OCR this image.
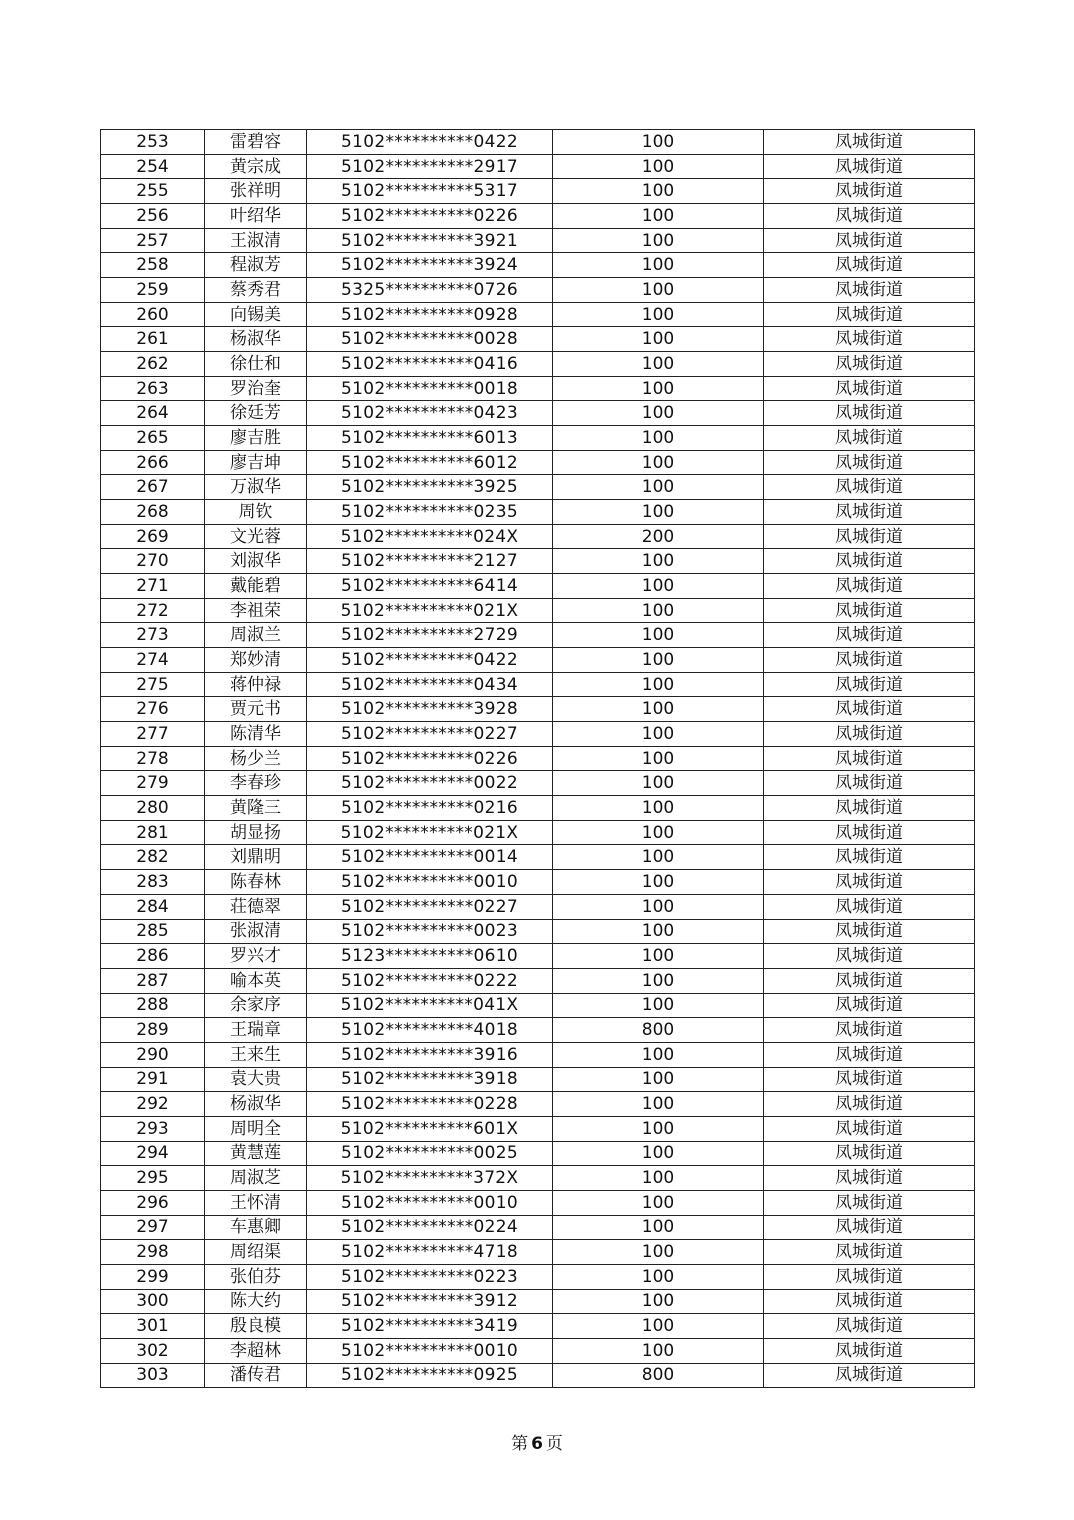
253	雷碧容	5102**********0422	100	凤城街道
254	黄宗成	5102**********2917	100	凤城街道
255	张祥明	5102**********5317	100	凤城街道
256	叶绍华	5102**********0226	100	凤城街道
257	王淑清	5102**********3921	100	凤城街道
258	程淑芳	5102**********3924	100	凤城街道
259	蔡秀君	5325**********0726	100	凤城街道
260	向锡美	5102**********0928	100	凤城街道
261	杨淑华	5102**********0028	100	凤城街道
262	徐仕和	5102**********0416	100	凤城街道
263	罗治奎	5102**********0018	100	凤城街道
264	徐廷芳	5102**********0423	100	凤城街道
265	廖吉胜	5102**********6013	100	凤城街道
266	廖吉坤	5102**********6012	100	凤城街道
267	万淑华	5102**********3925	100	凤城街道
268	周钦	5102**********0235	100	凤城街道
269	文光蓉	5102**********024X	200	凤城街道
270	刘淑华	5102**********2127	100	凤城街道
271	戴能碧	5102**********6414	100	凤城街道
272	李祖荣	5102**********021X	100	凤城街道
273	周淑兰	5102**********2729	100	凤城街道
274	郑妙清	5102**********0422	100	凤城街道
275	蒋仲禄	5102**********0434	100	凤城街道
276	贾元书	5102**********3928	100	凤城街道
277	陈清华	5102**********0227	100	凤城街道
278	杨少兰	5102**********0226	100	凤城街道
279	李春珍	5102**********0022	100	凤城街道
280	黄隆三	5102**********0216	100	凤城街道
281	胡显扬	5102**********021X	100	凤城街道
282	刘鼎明	5102**********0014	100	凤城街道
283	陈春林	5102**********0010	100	凤城街道
284	荘德翠	5102**********0227	100	凤城街道
285	张淑清	5102**********0023	100	凤城街道
286	罗兴才	5123**********0610	100	凤城街道
287	喻本英	5102**********0222	100	凤城街道
288	余家序	5102**********041X	100	凤城街道
289	王瑞章	5102**********4018	800	凤城街道
290	王来生	5102**********3916	100	凤城街道
291	袁大贵	5102**********3918	100	凤城街道
292	杨淑华	5102**********0228	100	凤城街道
293	周明全	5102**********601X	100	凤城街道
294	黄慧莲	5102**********0025	100	凤城街道
295	周淑芝	5102**********372X	100	凤城街道
296	王怀清	5102**********0010	100	凤城街道
297	车惠卿	5102**********0224	100	凤城街道
298	周绍渠	5102**********4718	100	凤城街道
299	张伯芬	5102**********0223	100	凤城街道
300	陈大约	5102**********3912	100	凤城街道
301	殷良模	5102**********3419	100	凤城街道
302	李超林	5102**********0010	100	凤城街道
303	潘传君	5102**********0925	800	凤城街道
第 6 页
